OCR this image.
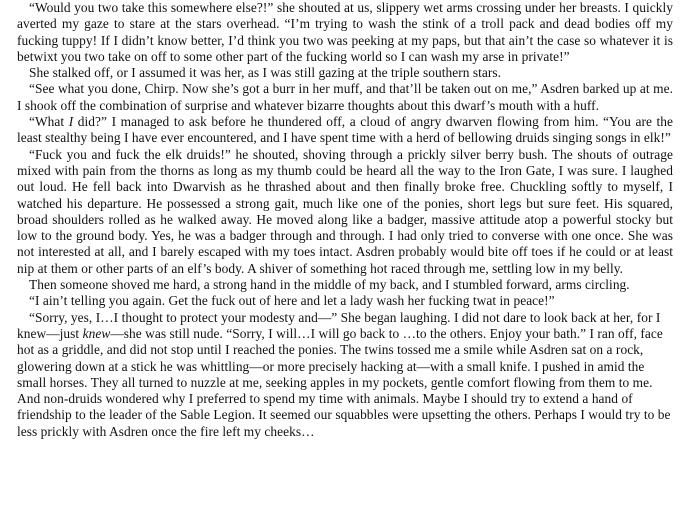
“Would you two take this somewhere else?!” she shouted at us, slippery wet arms crossing under her breasts. I quickly averted my gaze to stare at the stars overhead. “I’m trying to wash the stink of a troll pack and dead bodies off my fucking tuppy! If I didn’t know better, I’d think you two was peeking at my paps, but that ain’t the case so whatever it is betwixt you two take on off to some other part of the fucking world so I can wash my arse in private!”

She stalked off, or I assumed it was her, as I was still gazing at the triple southern stars.

“See what you done, Chirp. Now she’s got a burr in her muff, and that’ll be taken out on me,” Asdren barked up at me. I shook off the combination of surprise and whatever bizarre thoughts about this dwarf’s mouth with a huff.

“What I did?” I managed to ask before he thundered off, a cloud of angry dwarven flowing from him. “You are the least stealthy being I have ever encountered, and I have spent time with a herd of bellowing druids singing songs in elk!”

“Fuck you and fuck the elk druids!” he shouted, shoving through a prickly silver berry bush. The shouts of outrage mixed with pain from the thorns as long as my thumb could be heard all the way to the Iron Gate, I was sure. I laughed out loud. He fell back into Dwarvish as he thrashed about and then finally broke free. Chuckling softly to myself, I watched his departure. He possessed a strong gait, much like one of the ponies, short legs but sure feet. His squared, broad shoulders rolled as he walked away. He moved along like a badger, massive attitude atop a powerful stocky but low to the ground body. Yes, he was a badger through and through. I had only tried to converse with one once. She was not interested at all, and I barely escaped with my toes intact. Asdren probably would bite off toes if he could or at least nip at them or other parts of an elf’s body. A shiver of something hot raced through me, settling low in my belly.

Then someone shoved me hard, a strong hand in the middle of my back, and I stumbled forward, arms circling.

“I ain’t telling you again. Get the fuck out of here and let a lady wash her fucking twat in peace!”

“Sorry, yes, I…I thought to protect your modesty and—” She began laughing. I did not dare to look back at her, for I knew—just knew—she was still nude. “Sorry, I will…I will go back to …to the others. Enjoy your bath.” I ran off, face hot as a griddle, and did not stop until I reached the ponies. The twins tossed me a smile while Asdren sat on a rock, glowering down at a stick he was whittling—or more precisely hacking at—with a small knife. I pushed in amid the small horses. They all turned to nuzzle at me, seeking apples in my pockets, gentle comfort flowing from them to me. And non-druids wondered why I preferred to spend my time with animals. Maybe I should try to extend a hand of friendship to the leader of the Sable Legion. It seemed our squabbles were upsetting the others. Perhaps I would try to be less prickly with Asdren once the fire left my cheeks…
